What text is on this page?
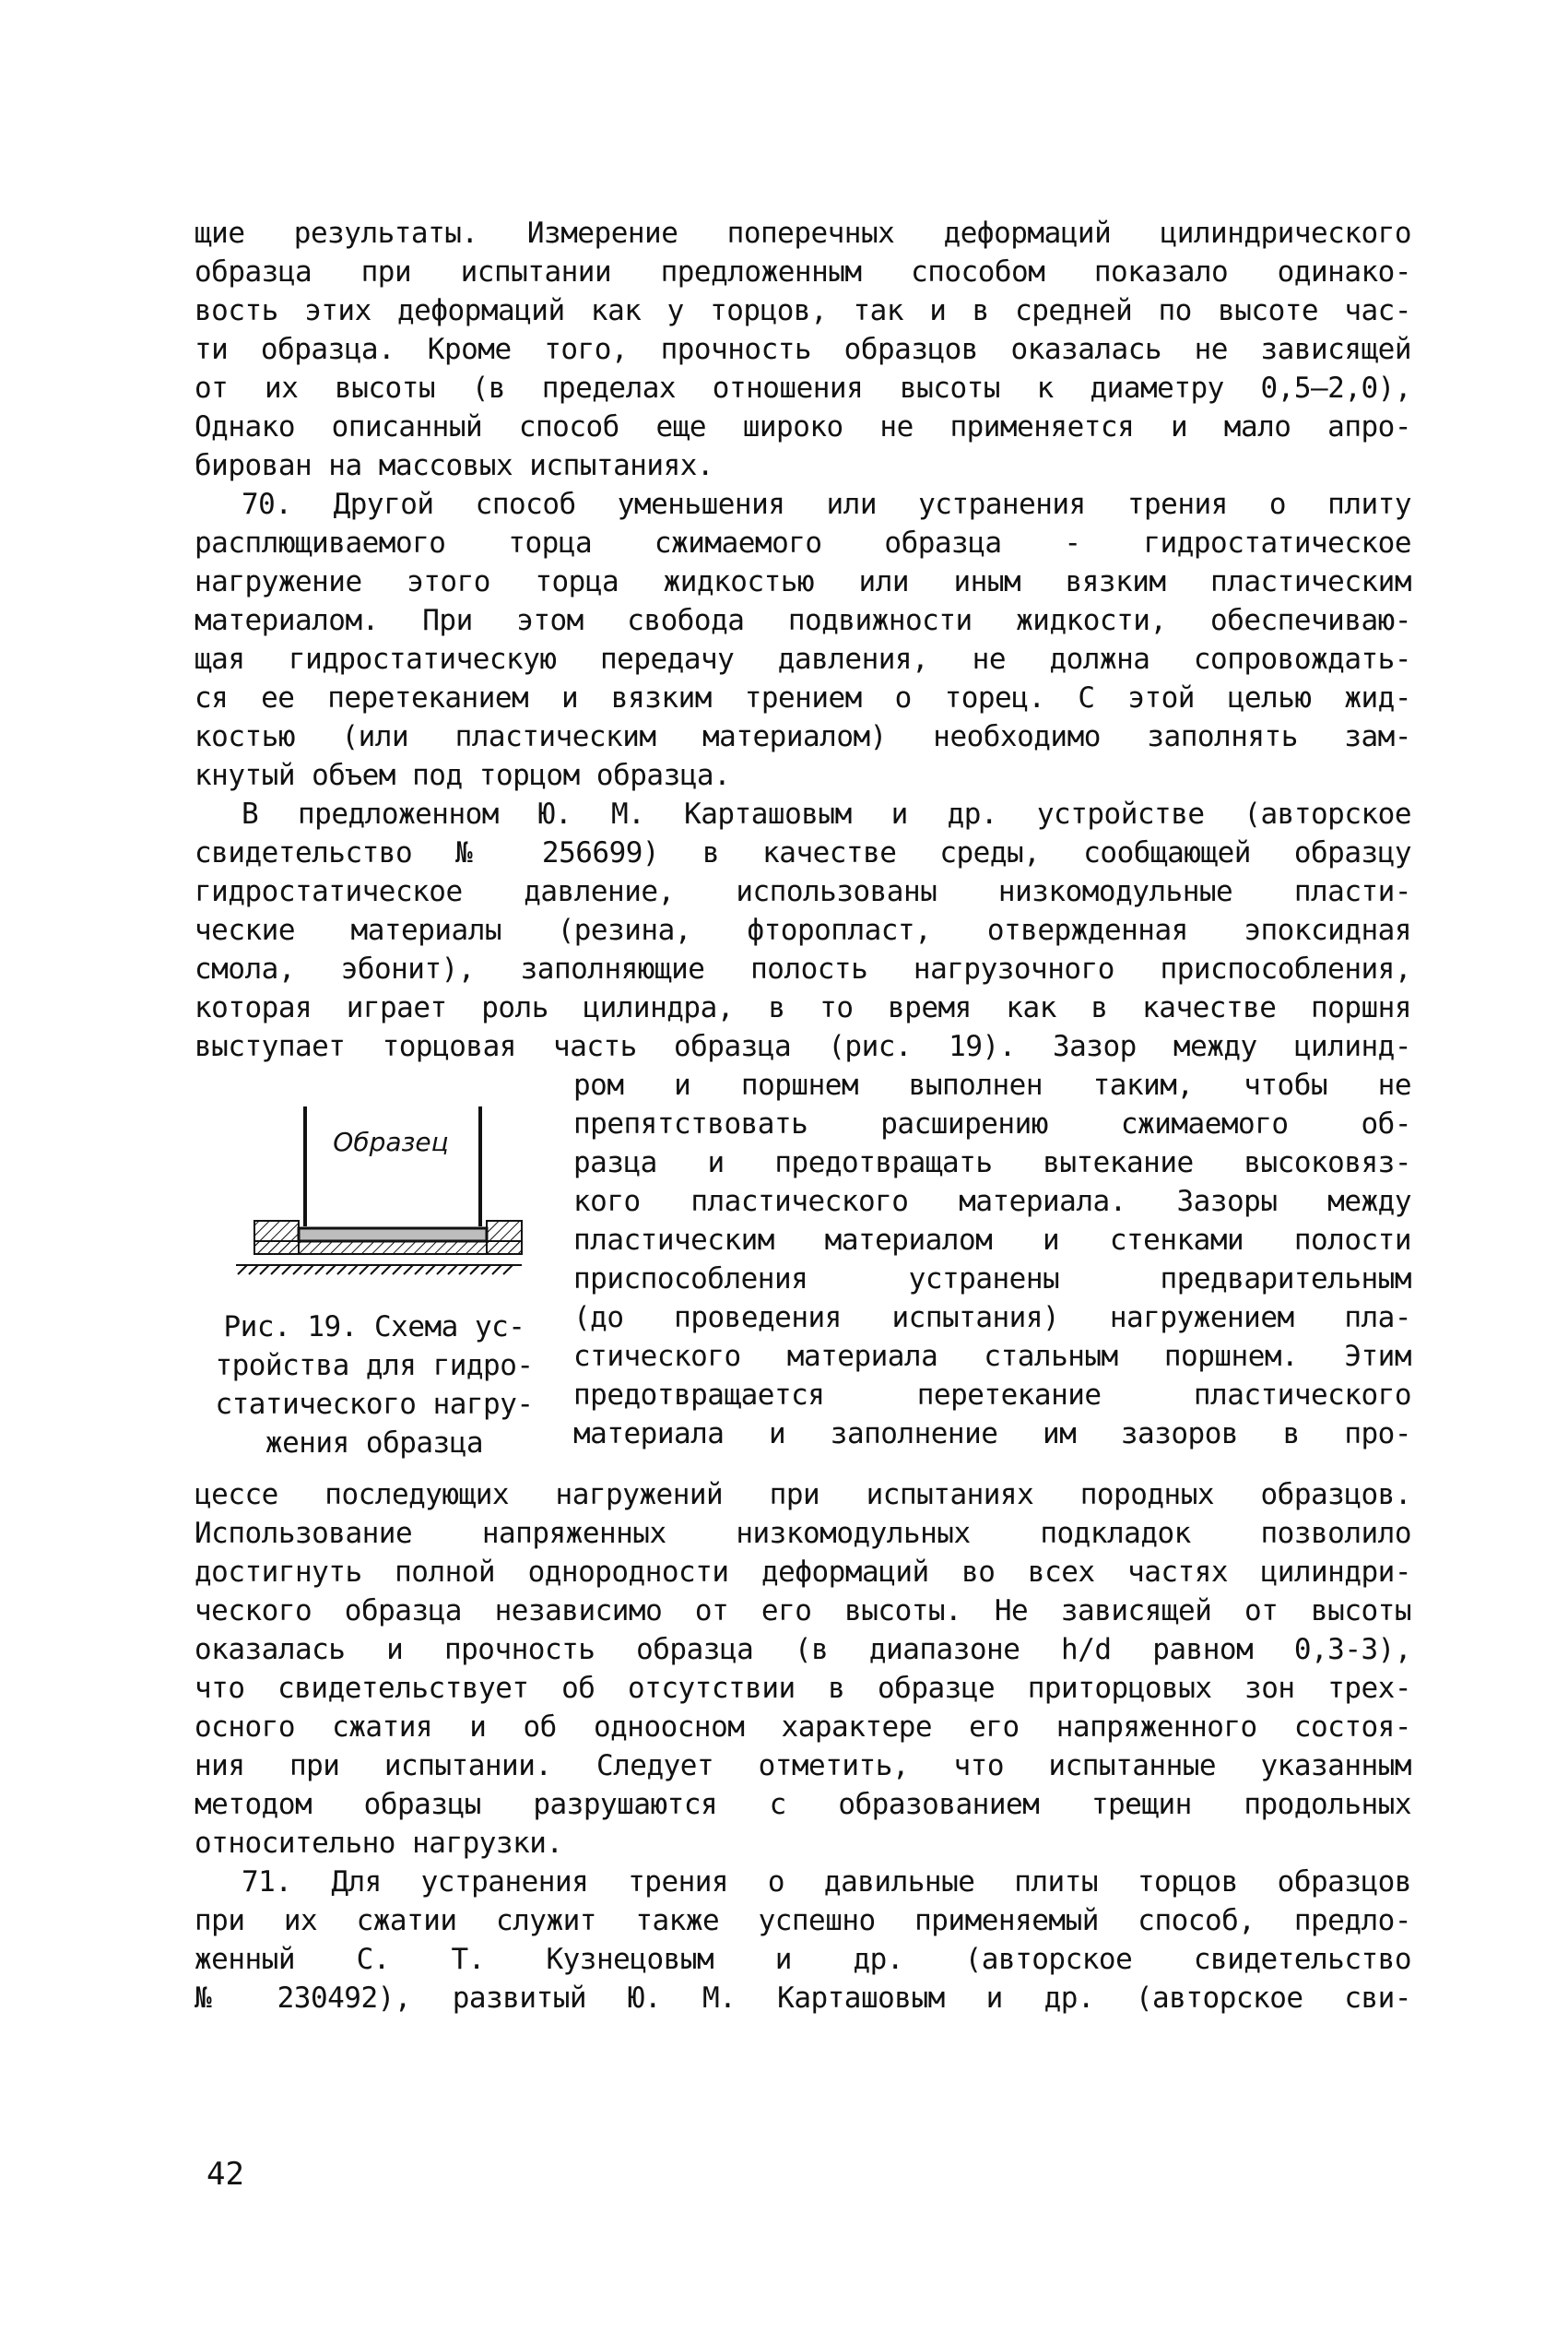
щие результаты. Измерение поперечных деформаций цилиндрического
образца при испытании предложенным способом показало одинако-
вость этих деформаций как у торцов, так и в средней по высоте час-
ти образца. Кроме того, прочность образцов оказалась не зависящей
от их высоты (в пределах отношения высоты к диаметру 0,5–2,0),
Однако описанный способ еще широко не применяется и мало апро-
бирован на массовых испытаниях.
70. Другой способ уменьшения или устранения трения о плиту
расплющиваемого торца сжимаемого образца - гидростатическое
нагружение этого торца жидкостью или иным вязким пластическим
материалом. При этом свобода подвижности жидкости, обеспечиваю-
щая гидростатическую передачу давления, не должна сопровождать-
ся ее перетеканием и вязким трением о торец. С этой целью жид-
костью (или пластическим материалом) необходимо заполнять зам-
кнутый объем под торцом образца.
В предложенном Ю. М. Карташовым и др. устройстве (авторское
свидетельство № 256699) в качестве среды, сообщающей образцу
гидростатическое давление, использованы низкомодульные пласти-
ческие материалы (резина, фторопласт, отвержденная эпоксидная
смола, эбонит), заполняющие полость нагрузочного приспособления,
которая играет роль цилиндра, в то время как в качестве поршня
выступает торцовая часть образца (рис. 19). Зазор между цилинд-
Образец
Рис. 19. Схема ус-
тройства для гидро-
статического нагру-
жения образца
ром и поршнем выполнен таким, чтобы не
препятствовать расширению сжимаемого об-
разца и предотвращать вытекание высоковяз-
кого пластического материала. Зазоры между
пластическим материалом и стенками полости
приспособления устранены предварительным
(до проведения испытания) нагружением пла-
стического материала стальным поршнем. Этим
предотвращается перетекание пластического
материала и заполнение им зазоров в про-
цессе последующих нагружений при испытаниях породных образцов.
Использование напряженных низкомодульных подкладок позволило
достигнуть полной однородности деформаций во всех частях цилиндри-
ческого образца независимо от его высоты. Не зависящей от высоты
оказалась и прочность образца (в диапазоне h/d равном 0,3-3),
что свидетельствует об отсутствии в образце приторцовых зон трех-
осного сжатия и об одноосном характере его напряженного состоя-
ния при испытании. Следует отметить, что испытанные указанным
методом образцы разрушаются с образованием трещин продольных
относительно нагрузки.
71. Для устранения трения о давильные плиты торцов образцов
при их сжатии служит также успешно применяемый способ, предло-
женный С. Т. Кузнецовым и др. (авторское свидетельство
№ 230492), развитый Ю. М. Карташовым и др. (авторское сви-
42
